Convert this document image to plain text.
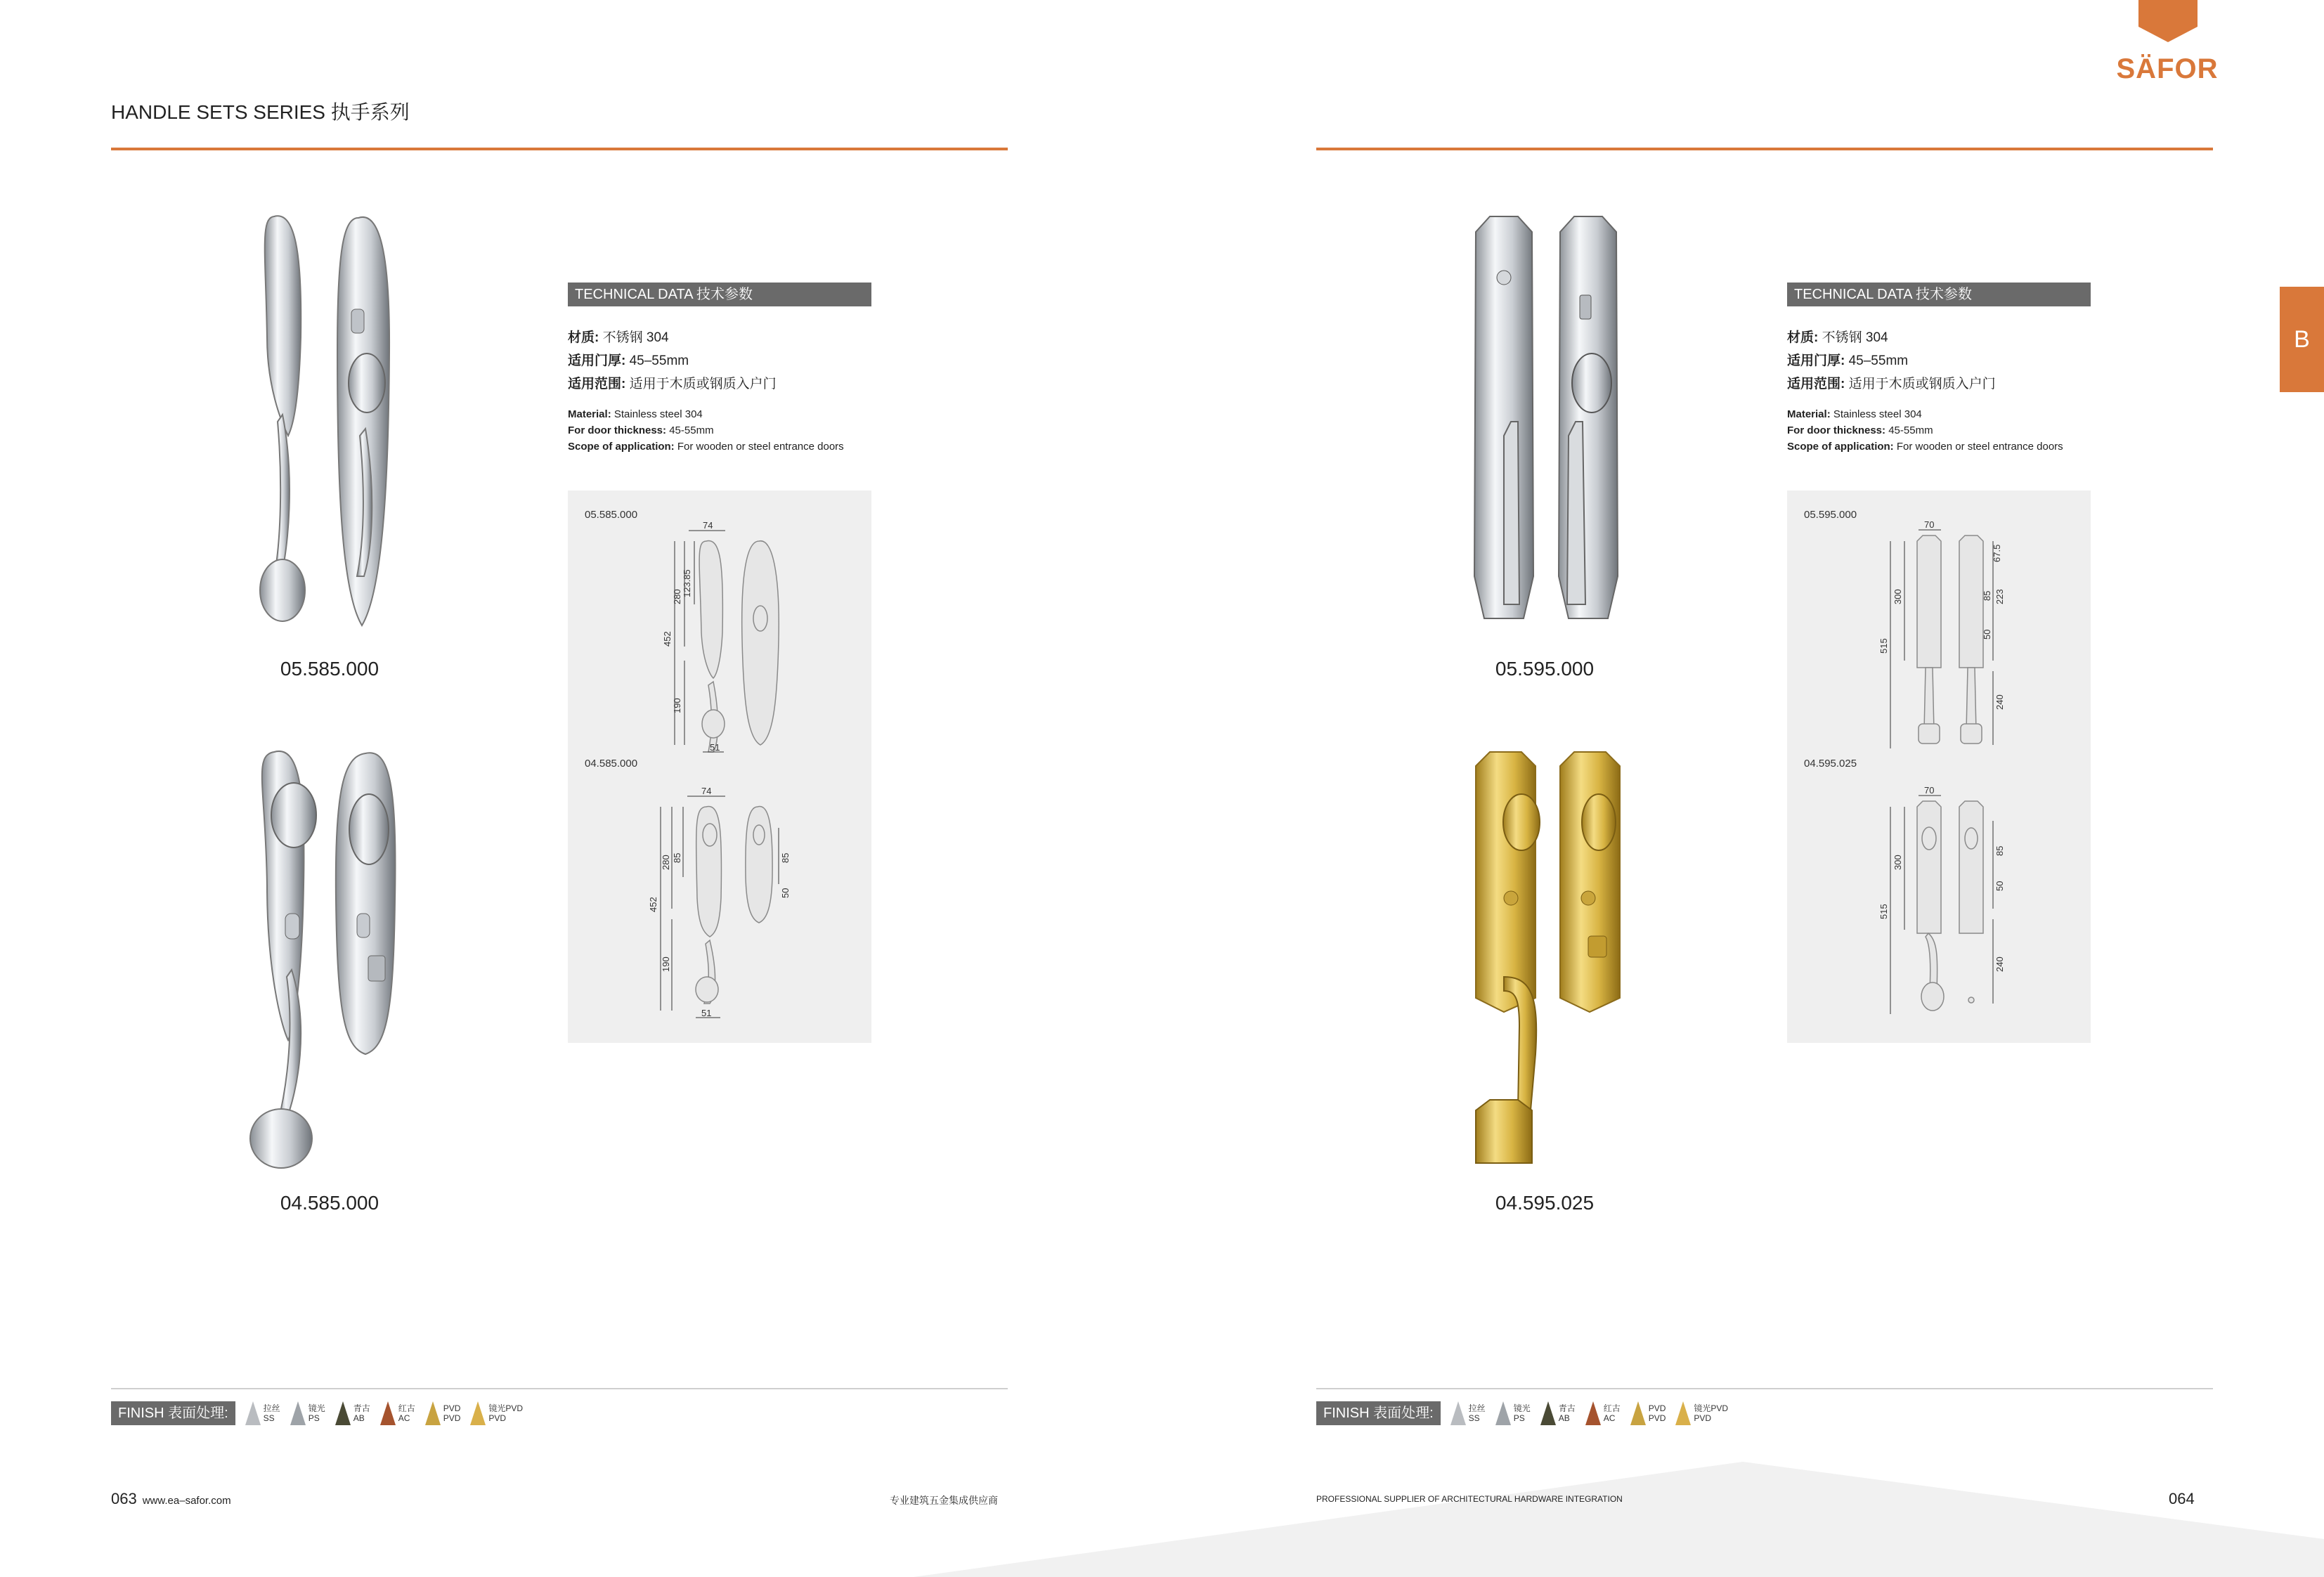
HANDLE SETS SERIES 执手系列
SÄFOR
B
05.585.000
04.585.000
TECHNICAL DATA 技术参数
材质: 不锈钢 304
适用门厚: 45–55mm
适用范围: 适用于木质或钢质入户门
Material: Stainless steel 304
For door thickness: 45-55mm
Scope of application: For wooden or steel entrance doors
05.585.000
74
280 123.85
452
190
51
04.585.000
74
280 85
452
190
51
85
50
05.595.000
04.595.025
TECHNICAL DATA 技术参数
材质: 不锈钢 304
适用门厚: 45–55mm
适用范围: 适用于木质或钢质入户门
Material: Stainless steel 304
For door thickness: 45-55mm
Scope of application: For wooden or steel entrance doors
05.595.000
70
300
515
67.5
85 223
50
240
04.595.025
70
300
515
85
50
240
FINISH 表面处理:	拉丝
SS
镜光
PS
青古
AB
红古
AC
PVD
PVD
镜光PVD
PVD	FINISH 表面处理:	拉丝
SS
镜光
PS
青古
AB
红古
AC
PVD
PVD
镜光PVD
PVD
063 www.ea–safor.com	专业建筑五金集成供应商	PROFESSIONAL SUPPLIER OF ARCHITECTURAL HARDWARE INTEGRATION	064
